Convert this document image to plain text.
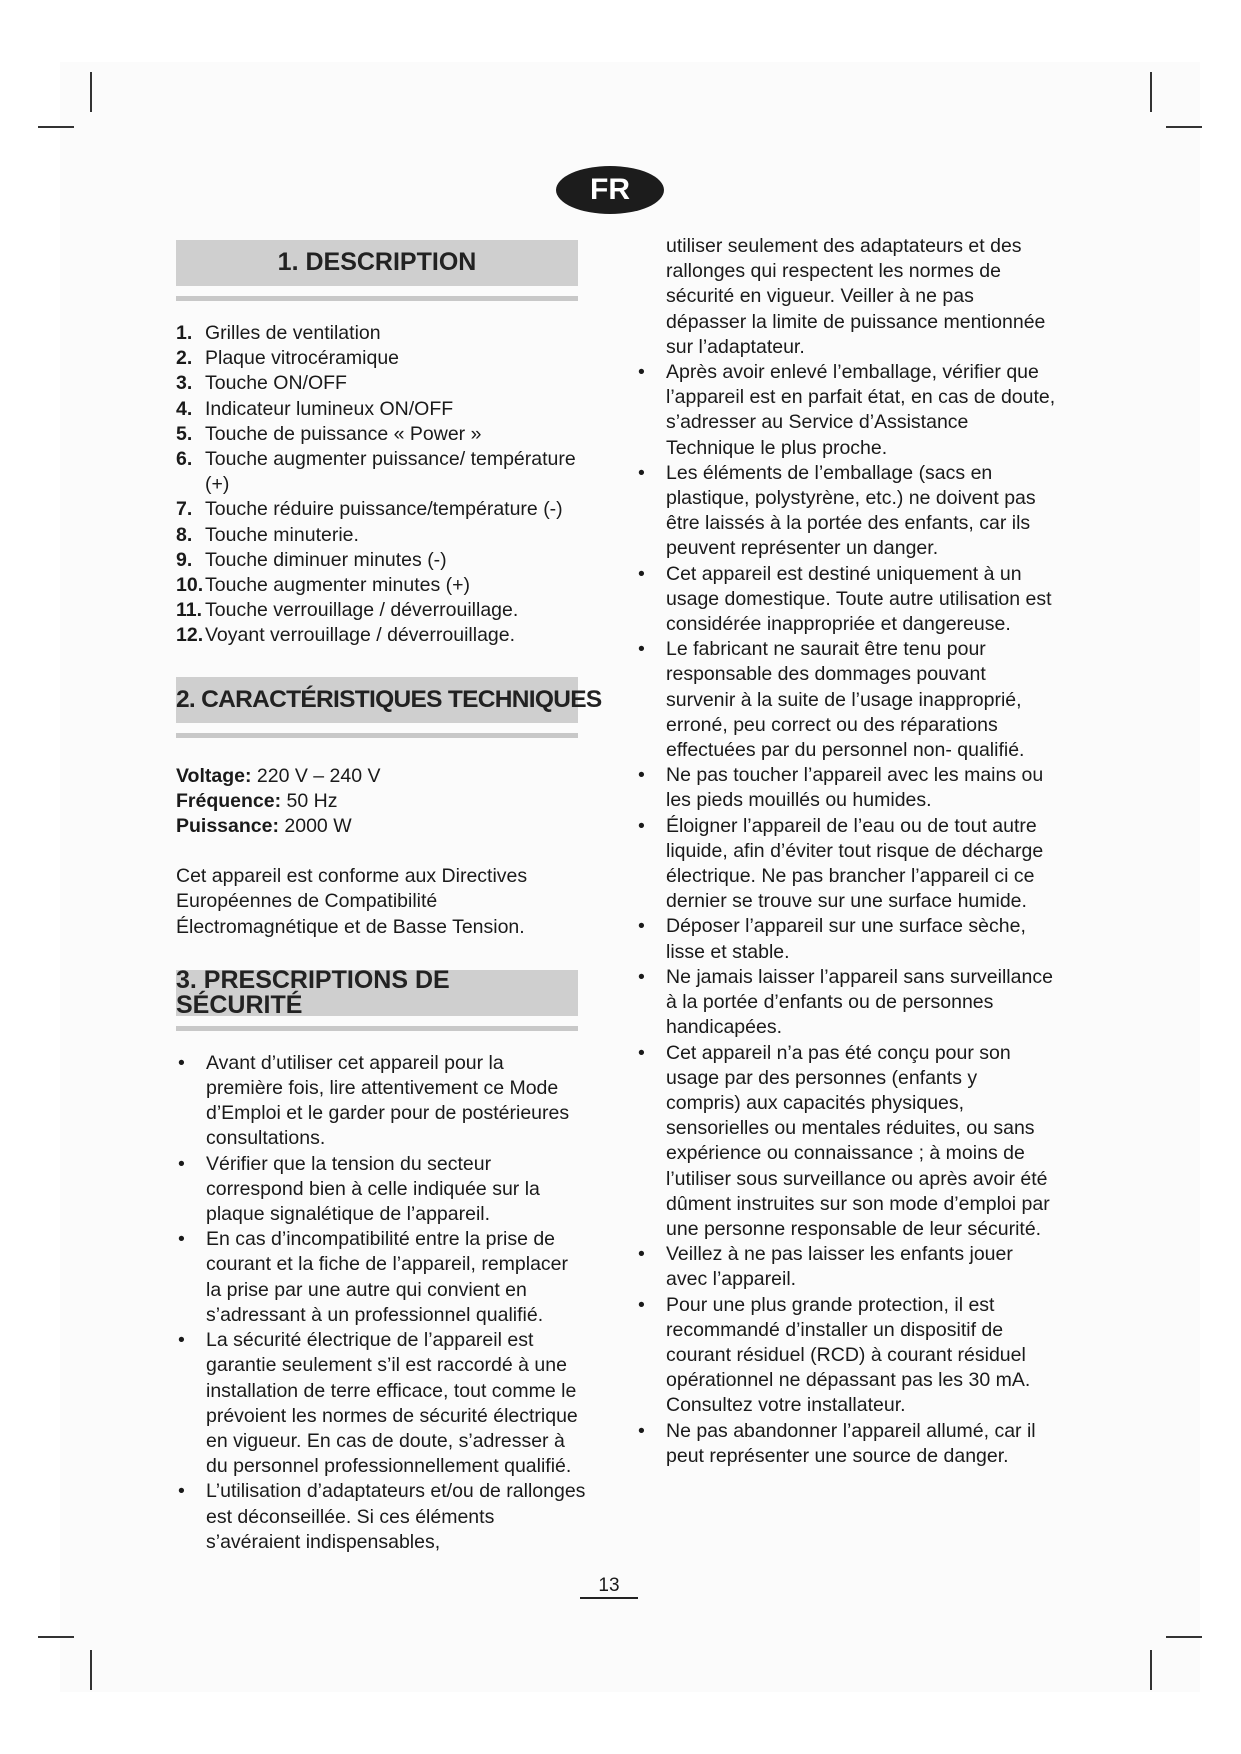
FR
1. DESCRIPTION
1. Grilles de ventilation
2. Plaque vitrocéramique
3. Touche ON/OFF
4. Indicateur lumineux ON/OFF
5. Touche de puissance « Power »
6. Touche augmenter puissance/ température (+)
7. Touche réduire puissance/température (-)
8. Touche minuterie.
9. Touche diminuer minutes (-)
10.Touche augmenter minutes (+)
11. Touche verrouillage / déverrouillage.
12.Voyant verrouillage / déverrouillage.
2. CARACTÉRISTIQUES TECHNIQUES
Voltage: 220 V – 240 V
Fréquence: 50 Hz
Puissance: 2000 W
Cet appareil est conforme aux Directives Européennes de Compatibilité Électromagnétique et de Basse Tension.
3. PRESCRIPTIONS DE SÉCURITÉ
• Avant d’utiliser cet appareil pour la première fois, lire attentivement ce Mode d’Emploi et le garder pour de postérieures consultations.
• Vérifier que la tension du secteur correspond bien à celle indiquée sur la plaque signalétique de l’appareil.
• En cas d’incompatibilité entre la prise de courant et la fiche de l’appareil, remplacer la prise par une autre qui convient en s’adressant à un professionnel qualifié.
• La sécurité électrique de l’appareil est garantie seulement s’il est raccordé à une installation de terre efficace, tout comme le prévoient les normes de sécurité électrique en vigueur. En cas de doute, s’adresser à du personnel professionnellement qualifié.
• L’utilisation d’adaptateurs et/ou de rallonges est déconseillée. Si ces éléments s’avéraient indispensables,
utiliser seulement des adaptateurs et des rallonges qui respectent les normes de sécurité en vigueur. Veiller à ne pas dépasser la limite de puissance mentionnée sur l’adaptateur.
• Après avoir enlevé l’emballage, vérifier que l’appareil est en parfait état, en cas de doute, s’adresser au Service d’Assistance Technique le plus proche.
• Les éléments de l’emballage (sacs en plastique, polystyrène, etc.) ne doivent pas être laissés à la portée des enfants, car ils peuvent représenter un danger.
• Cet appareil est destiné uniquement à un usage domestique. Toute autre utilisation est considérée inappropriée et dangereuse.
• Le fabricant ne saurait être tenu pour responsable des dommages pouvant survenir à la suite de l’usage inapproprié, erroné, peu correct ou des réparations effectuées par du personnel non- qualifié.
• Ne pas toucher l’appareil avec les mains ou les pieds mouillés ou humides.
• Éloigner l’appareil de l’eau ou de tout autre liquide, afin d’éviter tout risque de décharge électrique. Ne pas brancher l’appareil ci ce dernier se trouve sur une surface humide.
• Déposer l’appareil sur une surface sèche, lisse et stable.
• Ne jamais laisser l’appareil sans surveillance à la portée d’enfants ou de personnes handicapées.
• Cet appareil n’a pas été conçu pour son usage par des personnes (enfants y compris) aux capacités physiques, sensorielles ou mentales réduites, ou sans expérience ou connaissance ; à moins de l’utiliser sous surveillance ou après avoir été dûment instruites sur son mode d’emploi par une personne responsable de leur sécurité.
• Veillez à ne pas laisser les enfants jouer avec l’appareil.
• Pour une plus grande protection, il est recommandé d’installer un dispositif de courant résiduel (RCD) à courant résiduel opérationnel ne dépassant pas les 30 mA. Consultez votre installateur.
• Ne pas abandonner l’appareil allumé, car il peut représenter une source de danger.
13
